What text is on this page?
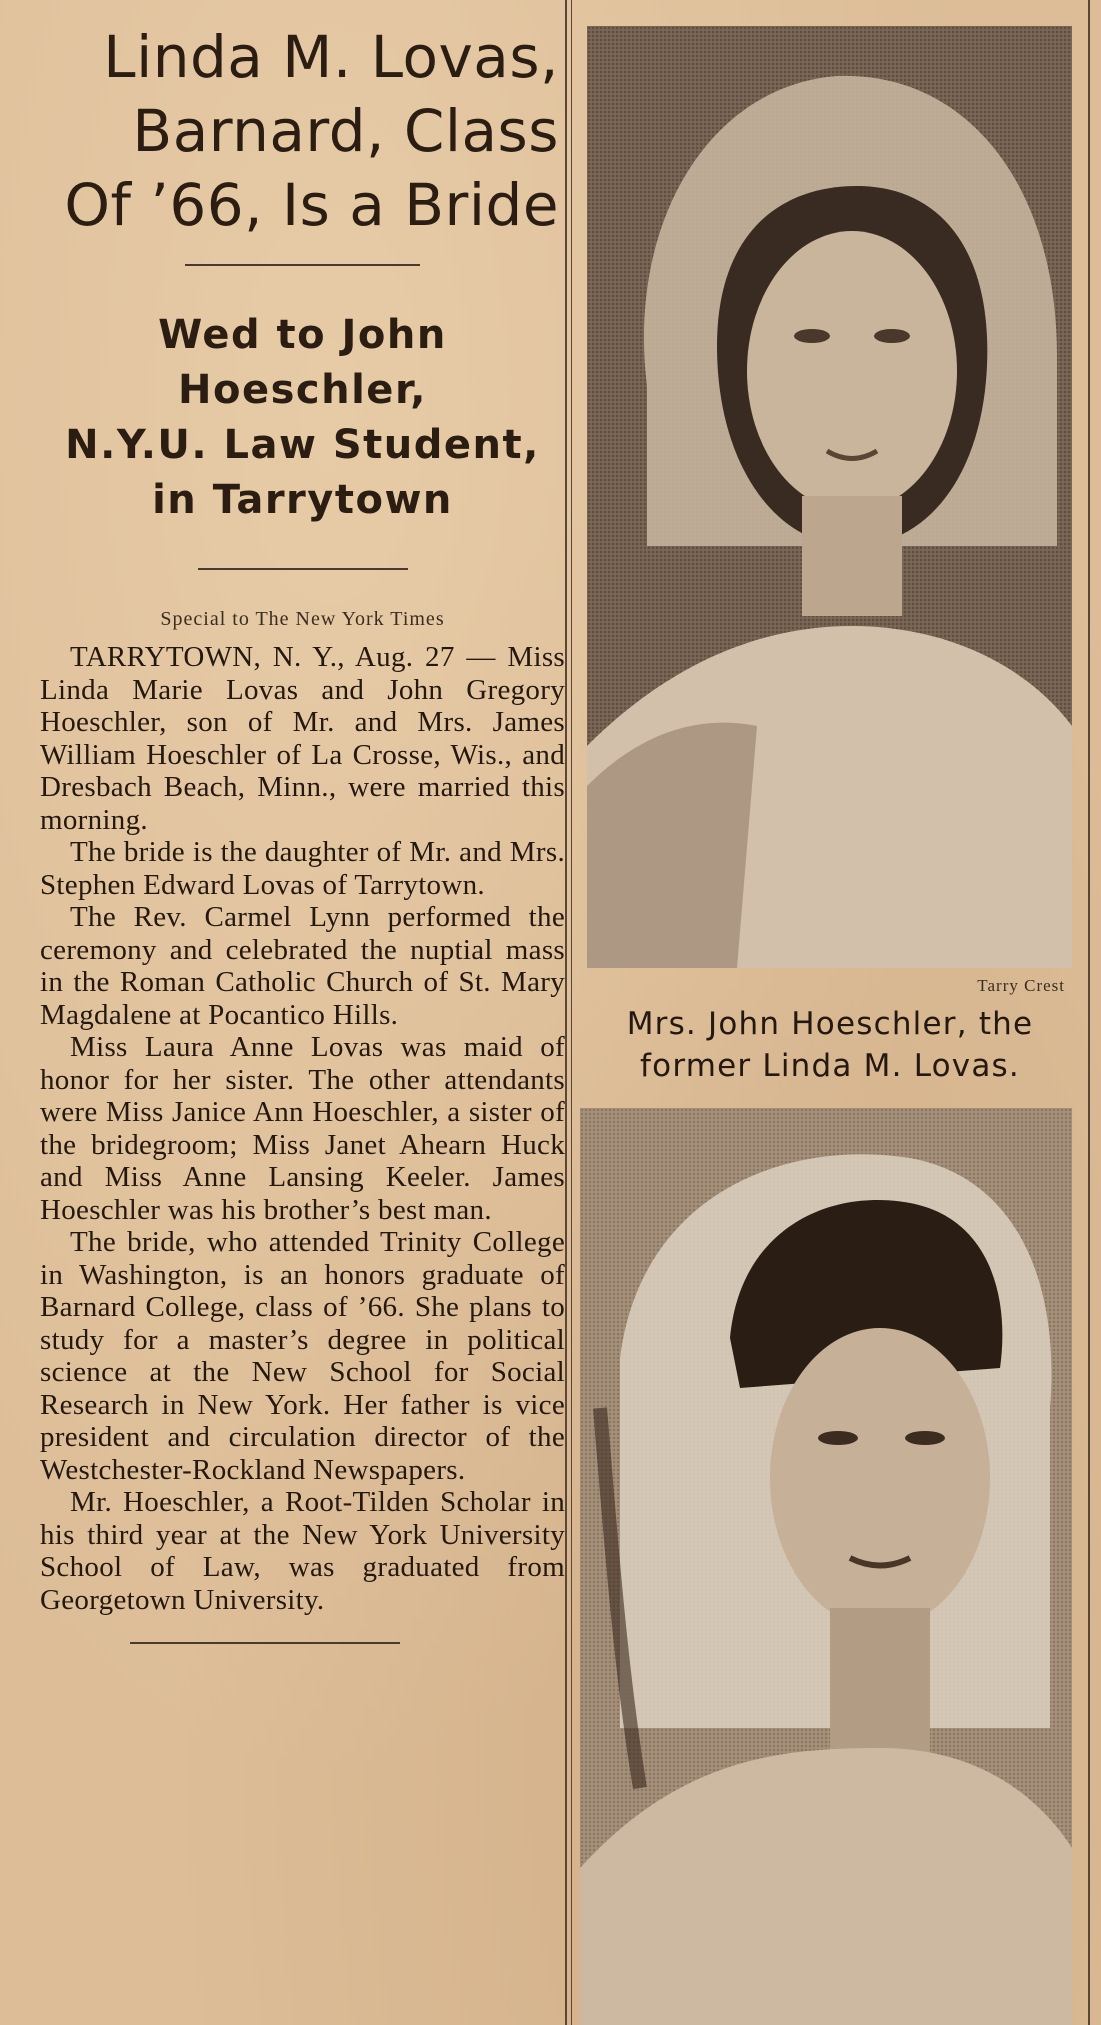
Linda M. Lovas,
Barnard, Class
Of ’66, Is a Bride
Wed to John Hoeschler,
N.Y.U. Law Student,
in Tarrytown
Special to The New York Times

TARRYTOWN, N. Y., Aug. 27 — Miss Linda Marie Lovas and John Gregory Hoeschler, son of Mr. and Mrs. James William Hoeschler of La Crosse, Wis., and Dresbach Beach, Minn., were married this morning.

The bride is the daughter of Mr. and Mrs. Stephen Edward Lovas of Tarrytown.

The Rev. Carmel Lynn performed the ceremony and celebrated the nuptial mass in the Roman Catholic Church of St. Mary Magdalene at Pocantico Hills.

Miss Laura Anne Lovas was maid of honor for her sister. The other attendants were Miss Janice Ann Hoeschler, a sister of the bridegroom; Miss Janet Ahearn Huck and Miss Anne Lansing Keeler. James Hoeschler was his brother’s best man.

The bride, who attended Trinity College in Washington, is an honors graduate of Barnard College, class of ’66. She plans to study for a master’s degree in political science at the New School for Social Research in New York. Her father is vice president and circulation director of the Westchester-Rockland Newspapers.

Mr. Hoeschler, a Root-Tilden Scholar in his third year at the New York University School of Law, was graduated from Georgetown University.

Tarry Crest

Mrs. John Hoeschler, the
former Linda M. Lovas.
